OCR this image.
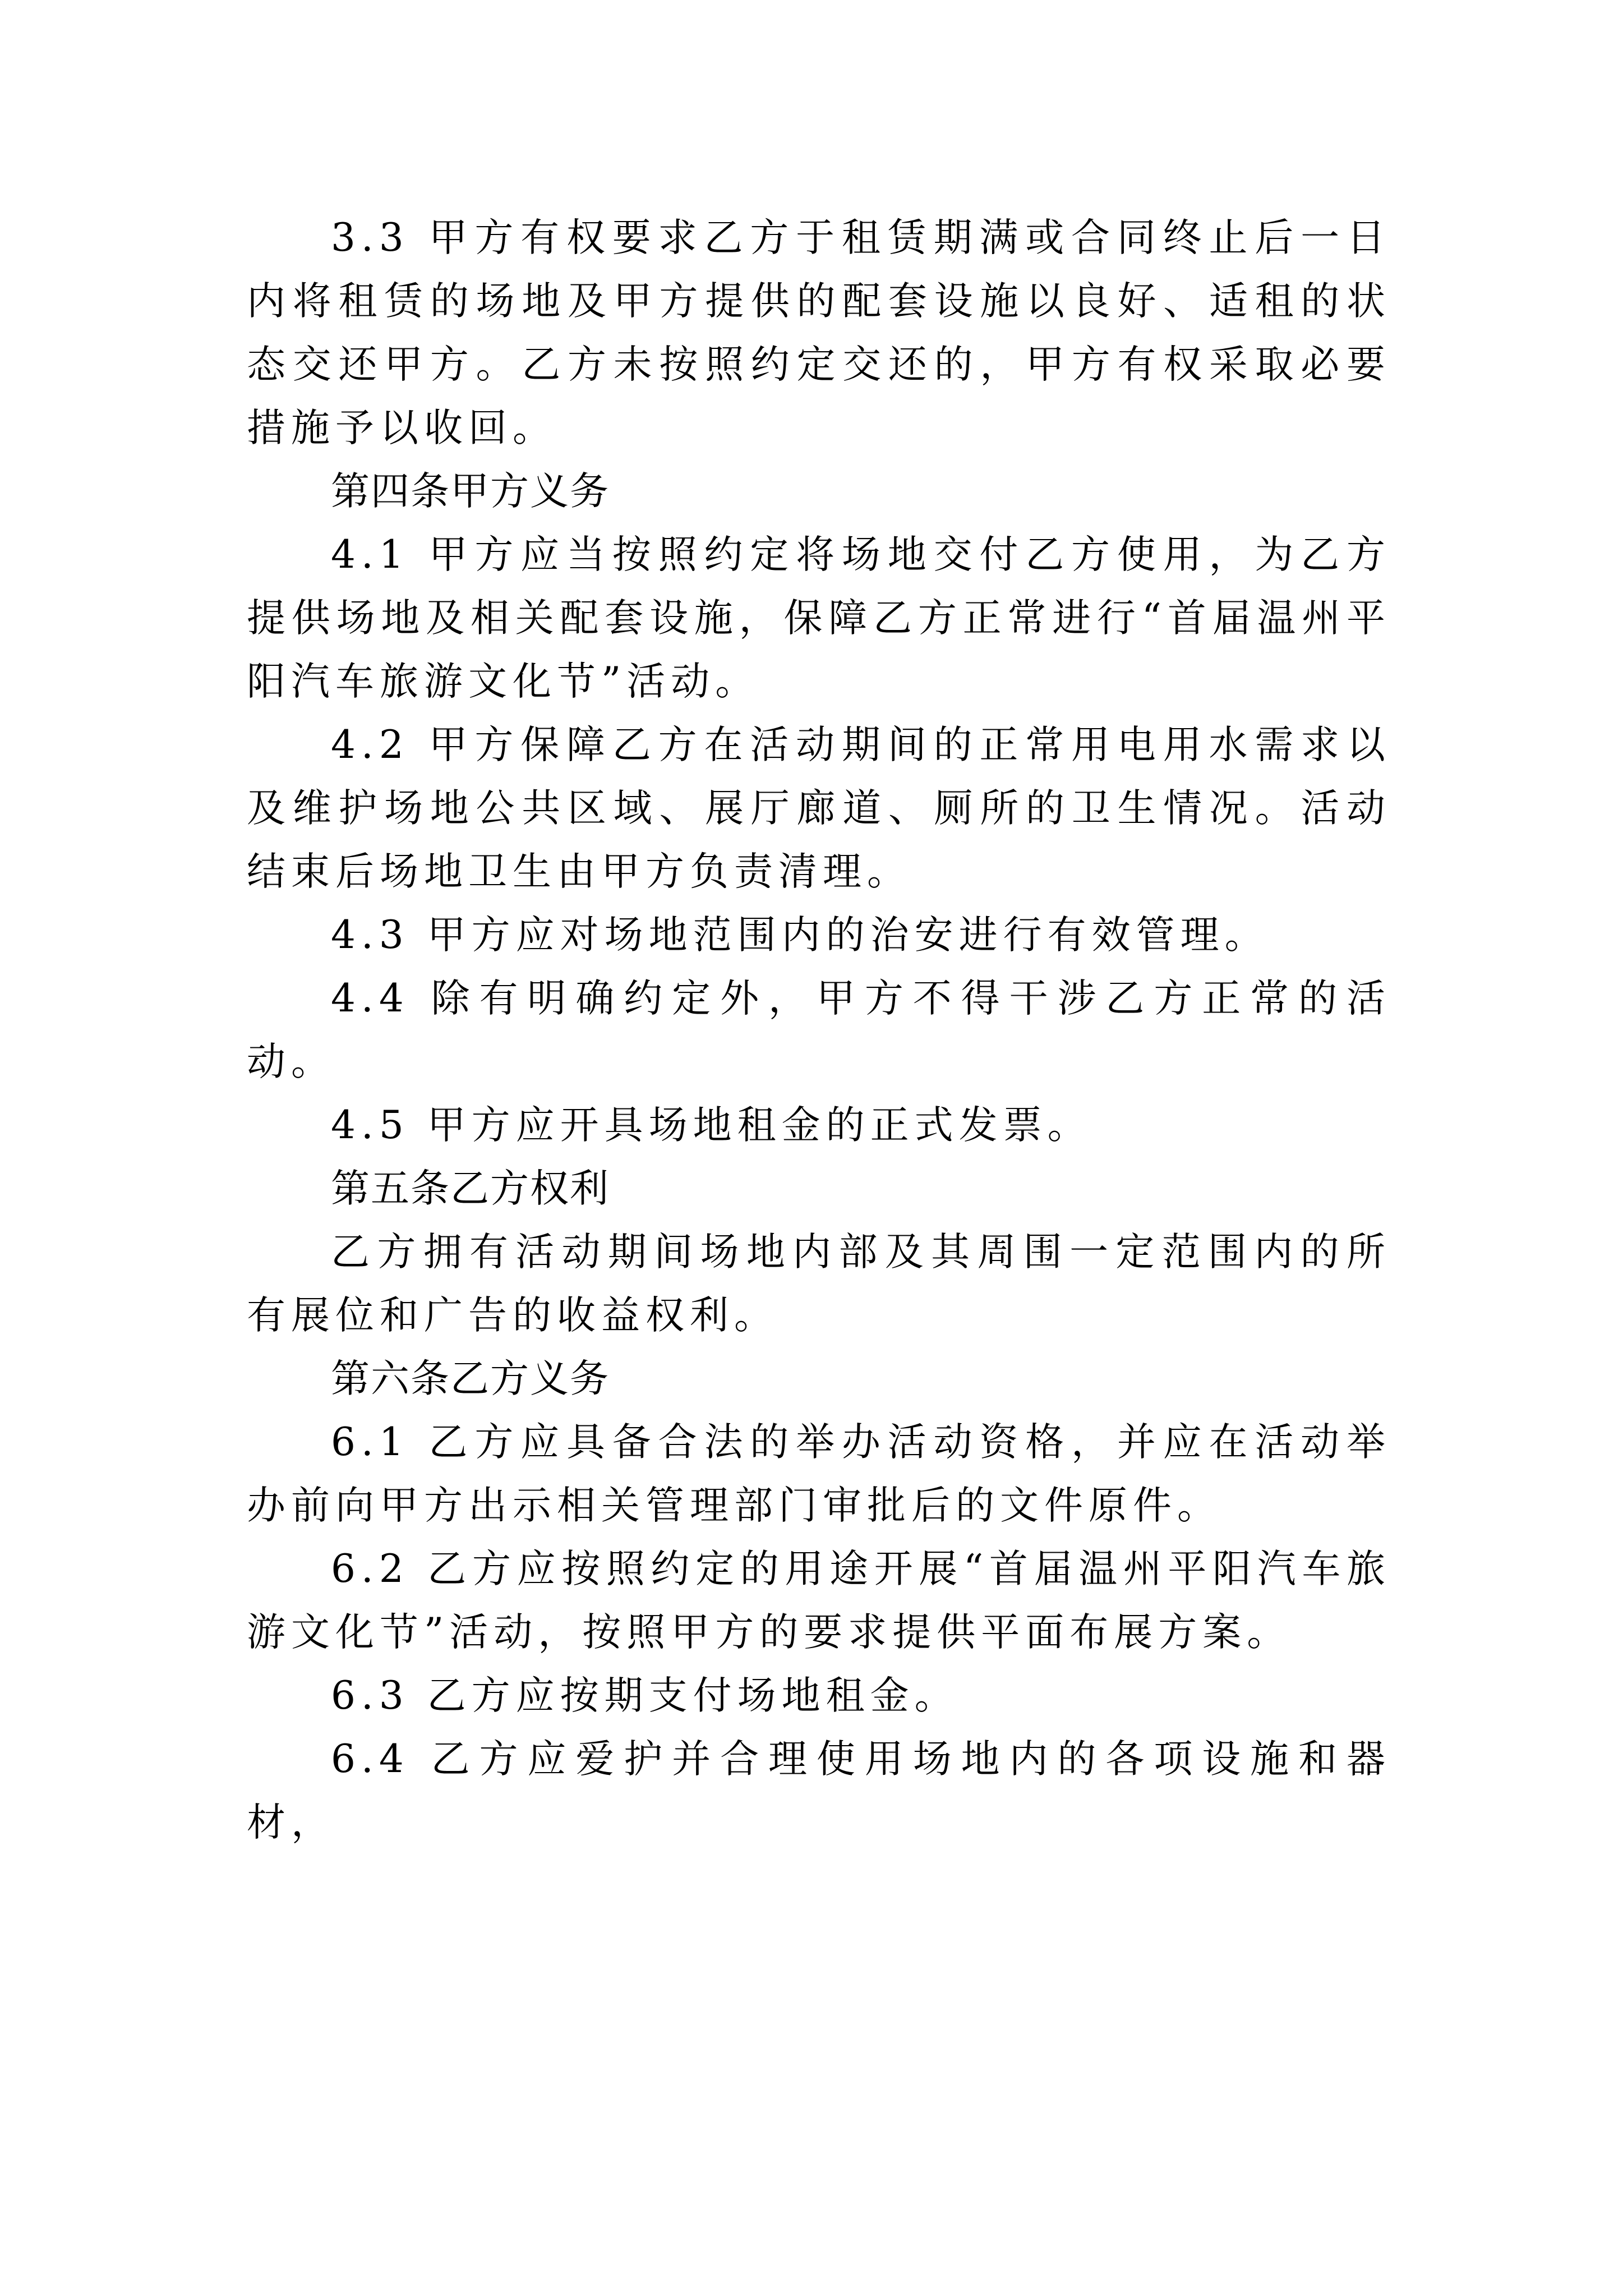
3.3 甲方有权要求乙方于租赁期满或合同终止后一日内将租赁的场地及甲方提供的配套设施以良好、适租的状态交还甲方。乙方未按照约定交还的，甲方有权采取必要措施予以收回。

第四条甲方义务

4.1 甲方应当按照约定将场地交付乙方使用，为乙方提供场地及相关配套设施，保障乙方正常进行“首届温州平阳汽车旅游文化节”活动。

4.2 甲方保障乙方在活动期间的正常用电用水需求以及维护场地公共区域、展厅廊道、厕所的卫生情况。活动结束后场地卫生由甲方负责清理。

4.3 甲方应对场地范围内的治安进行有效管理。

4.4 除有明确约定外，甲方不得干涉乙方正常的活动。

4.5 甲方应开具场地租金的正式发票。

第五条乙方权利

乙方拥有活动期间场地内部及其周围一定范围内的所有展位和广告的收益权利。

第六条乙方义务

6.1 乙方应具备合法的举办活动资格，并应在活动举办前向甲方出示相关管理部门审批后的文件原件。

6.2 乙方应按照约定的用途开展“首届温州平阳汽车旅游文化节”活动，按照甲方的要求提供平面布展方案。

6.3 乙方应按期支付场地租金。

6.4 乙方应爱护并合理使用场地内的各项设施和器材，
